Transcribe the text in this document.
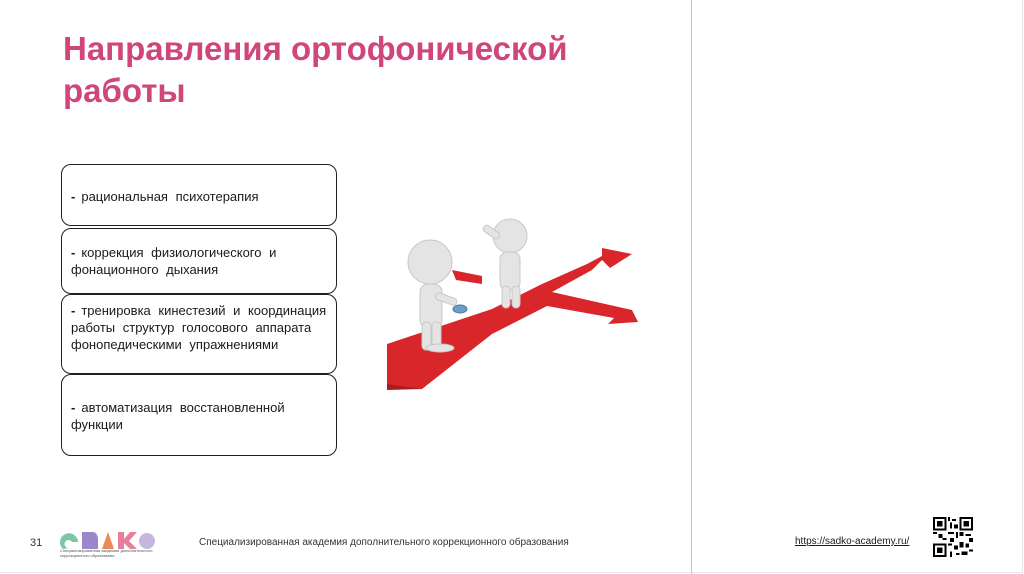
Направления ортофонической работы
- рациональная психотерапия
- коррекция физиологического и фонационного дыхания
- тренировка кинестезий и координация работы структур голосового аппарата фонопедическими упражнениями
- автоматизация восстановленной функции
31
Специализированная академия дополнительного коррекционного образования
Специализированная академия дополнительного коррекционного образования	https://sadko-academy.ru/
